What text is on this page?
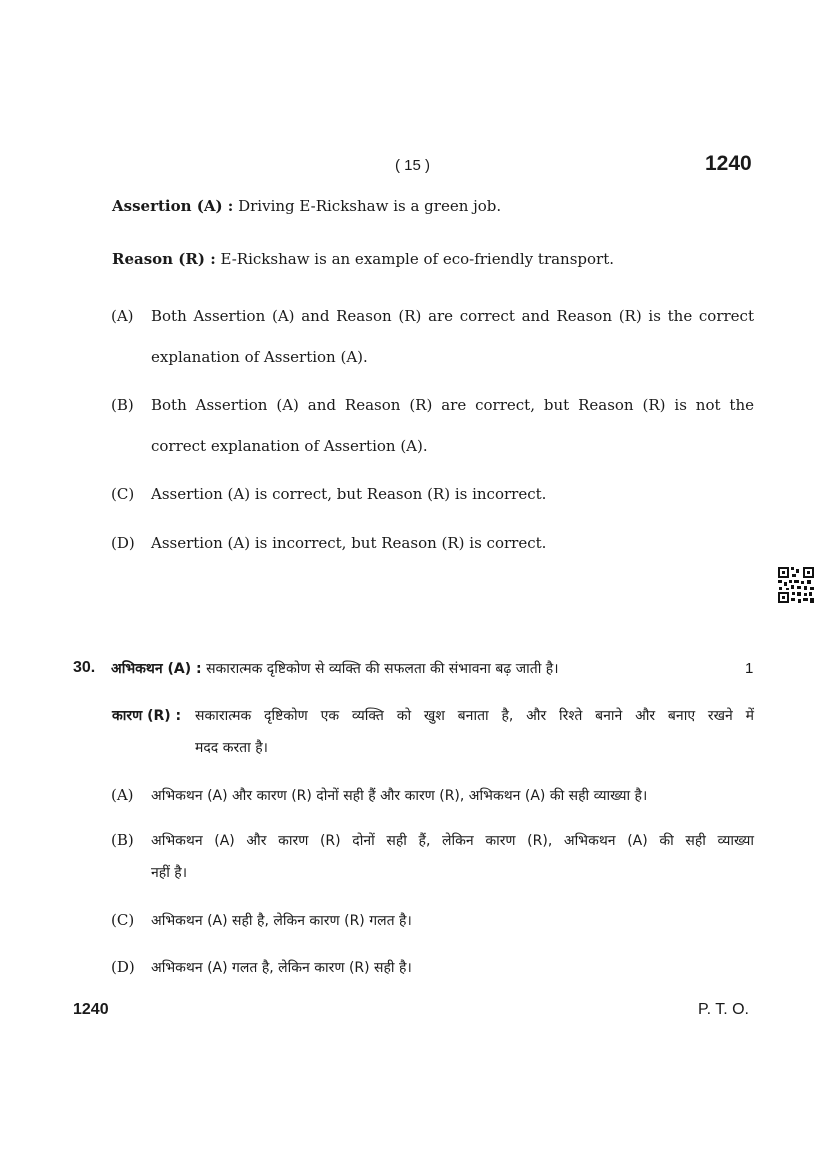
( 15 )	1240
Assertion (A) : Driving E-Rickshaw is a green job.
Reason (R) : E-Rickshaw is an example of eco-friendly transport.
(A) Both Assertion (A) and Reason (R) are correct and Reason (R) is the correct
explanation of Assertion (A).
(B) Both Assertion (A) and Reason (R) are correct, but Reason (R) is not the
correct explanation of Assertion (A).
(C) Assertion (A) is correct, but Reason (R) is incorrect.
(D) Assertion (A) is incorrect, but Reason (R) is correct.
30. अभिकथन (A) : सकारात्मक दृष्टिकोण से व्यक्ति की सफलता की संभावना बढ़ जाती है।	1
कारण (R) : सकारात्मक दृष्टिकोण एक व्यक्ति को खुश बनाता है, और रिश्ते बनाने और बनाए रखने में
मदद करता है।
(A) अभिकथन (A) और कारण (R) दोनों सही हैं और कारण (R), अभिकथन (A) की सही व्याख्या है।
(B) अभिकथन (A) और कारण (R) दोनों सही हैं, लेकिन कारण (R), अभिकथन (A) की सही व्याख्या
नहीं है।
(C) अभिकथन (A) सही है, लेकिन कारण (R) गलत है।
(D) अभिकथन (A) गलत है, लेकिन कारण (R) सही है।
1240	P. T. O.
